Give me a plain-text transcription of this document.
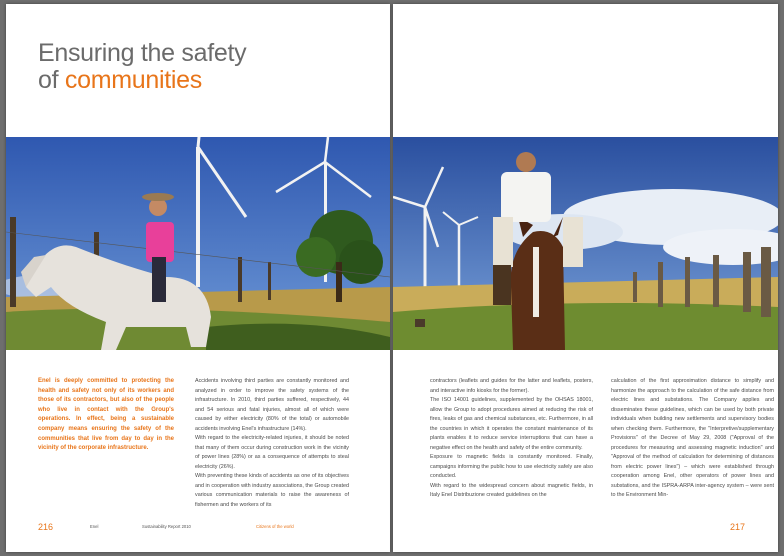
Ensuring the safety
of communities
Enel is deeply committed to protecting the health and safety not only of its workers and those of its contractors, but also of the people who live in contact with the Group's operations. In effect, being a sustainable company means ensuring the safety of the communities that live from day to day in the vicinity of the corporate infrastructure.

Accidents involving third parties are constantly monitored and analyzed in order to improve the safety systems of the infrastructure. In 2010, third parties suffered, respectively, 44 and 54 serious and fatal injuries, almost all of which were caused by either electricity (80% of the total) or automobile accidents involving Enel's infrastructure (14%).

With regard to the electricity-related injuries, it should be noted that many of them occur during construction work in the vicinity of power lines (28%) or as a consequence of attempts to steal electricity (26%).

With preventing these kinds of accidents as one of its objectives and in cooperation with industry associations, the Group created various communication materials to raise the awareness of fishermen and the workers of its

216	Enel	Sustainability Report 2010	Citizens of the world

contractors (leaflets and guides for the latter and leaflets, posters, and interactive info kiosks for the former).

The ISO 14001 guidelines, supplemented by the OHSAS 18001, allow the Group to adopt procedures aimed at reducing the risk of fires, leaks of gas and chemical substances, etc. Furthermore, in all the countries in which it operates the constant maintenance of its plants enables it to reduce service interruptions that can have a negative effect on the health and safety of the entire community.

Exposure to magnetic fields is constantly monitored. Finally, campaigns informing the public how to use electricity safely are also conducted.

With regard to the widespread concern about magnetic fields, in Italy Enel Distribuzione created guidelines on the

calculation of the first approximation distance to simplify and harmonize the approach to the calculation of the safe distance from electric lines and substations. The Company applies and disseminates these guidelines, which can be used by both private individuals when building new settlements and supervisory bodies when checking them. Furthermore, the "Interpretive/supplementary Provisions" of the Decree of May 29, 2008 ("Approval of the procedures for measuring and assessing magnetic induction" and "Approval of the method of calculation for determining of distances from electric power lines") – which were established through cooperation among Enel, other operators of power lines and substations, and the ISPRA-ARPA inter-agency system – were sent to the Environment Min-

217
